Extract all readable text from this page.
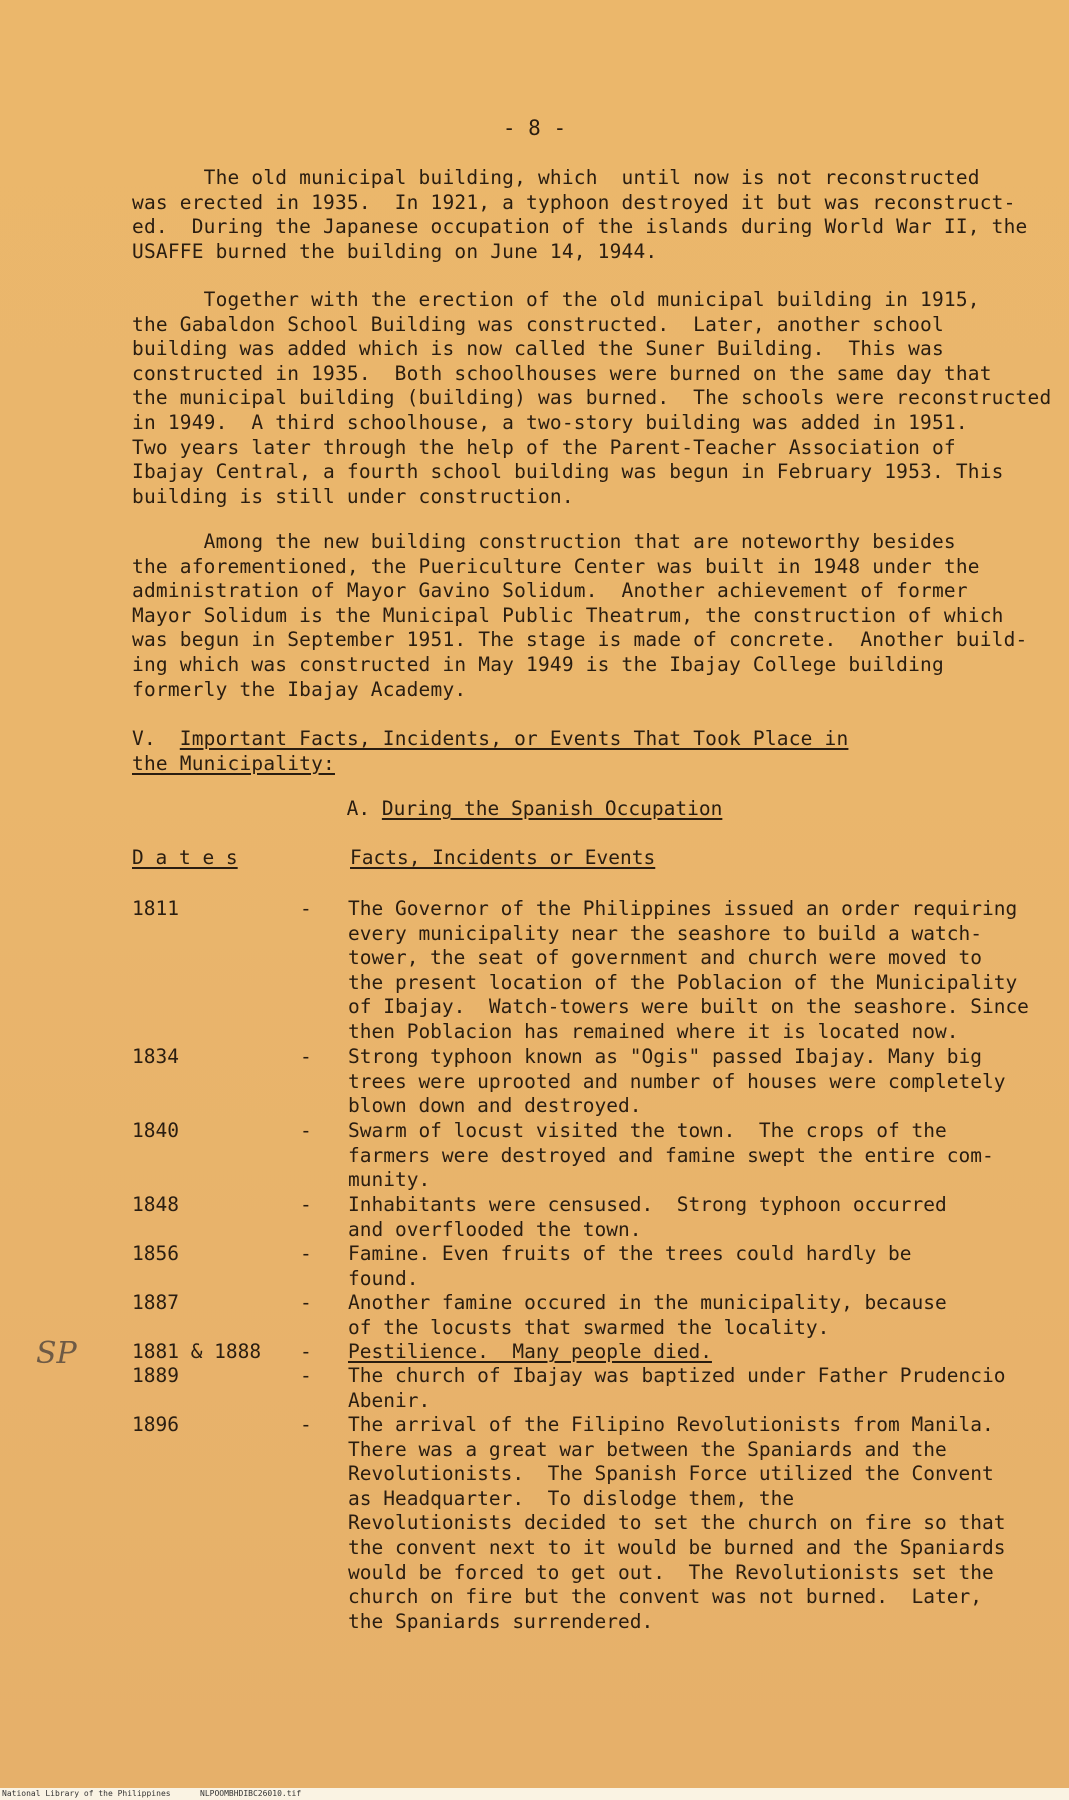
- 8 -
The old municipal building, which  until now is not reconstructed
was erected in 1935.  In 1921, a typhoon destroyed it but was reconstruct-
ed.  During the Japanese occupation of the islands during World War II, the
USAFFE burned the building on June 14, 1944.
Together with the erection of the old municipal building in 1915,
the Gabaldon School Building was constructed.  Later, another school
building was added which is now called the Suner Building.  This was
constructed in 1935.  Both schoolhouses were burned on the same day that
the municipal building (building) was burned.  The schools were reconstructed
in 1949.  A third schoolhouse, a two-story building was added in 1951.
Two years later through the help of the Parent-Teacher Association of
Ibajay Central, a fourth school building was begun in February 1953. This
building is still under construction.
Among the new building construction that are noteworthy besides
the aforementioned, the Puericulture Center was built in 1948 under the
administration of Mayor Gavino Solidum.  Another achievement of former
Mayor Solidum is the Municipal Public Theatrum, the construction of which
was begun in September 1951. The stage is made of concrete.  Another build-
ing which was constructed in May 1949 is the Ibajay College building
formerly the Ibajay Academy.
V. Important Facts, Incidents, or Events That Took Place in
the Municipality:
A. During the Spanish Occupation
D a t e s	Facts, Incidents or Events
1811	- The Governor of the Philippines issued an order requiring
every municipality near the seashore to build a watch-
tower, the seat of government and church were moved to
the present location of the Poblacion of the Municipality
of Ibajay.  Watch-towers were built on the seashore. Since
then Poblacion has remained where it is located now.
1834	- Strong typhoon known as "Ogis" passed Ibajay. Many big
trees were uprooted and number of houses were completely
blown down and destroyed.
1840	- Swarm of locust visited the town.  The crops of the
farmers were destroyed and famine swept the entire com-
munity.
1848	- Inhabitants were censused.  Strong typhoon occurred
and overflooded the town.
1856	- Famine. Even fruits of the trees could hardly be
found.
1887	- Another famine occured in the municipality, because
of the locusts that swarmed the locality.
1881 & 1888 - Pestilience.  Many people died.
1889	- The church of Ibajay was baptized under Father Prudencio
Abenir.
1896	- The arrival of the Filipino Revolutionists from Manila.
There was a great war between the Spaniards and the
Revolutionists.  The Spanish Force utilized the Convent
as Headquarter.  To dislodge them, the
Revolutionists decided to set the church on fire so that
the convent next to it would be burned and the Spaniards
would be forced to get out.  The Revolutionists set the
church on fire but the convent was not burned.  Later,
the Spaniards surrendered.
SP
National Library of the Philippines	NLPOOMBHDIBC26010.tif
